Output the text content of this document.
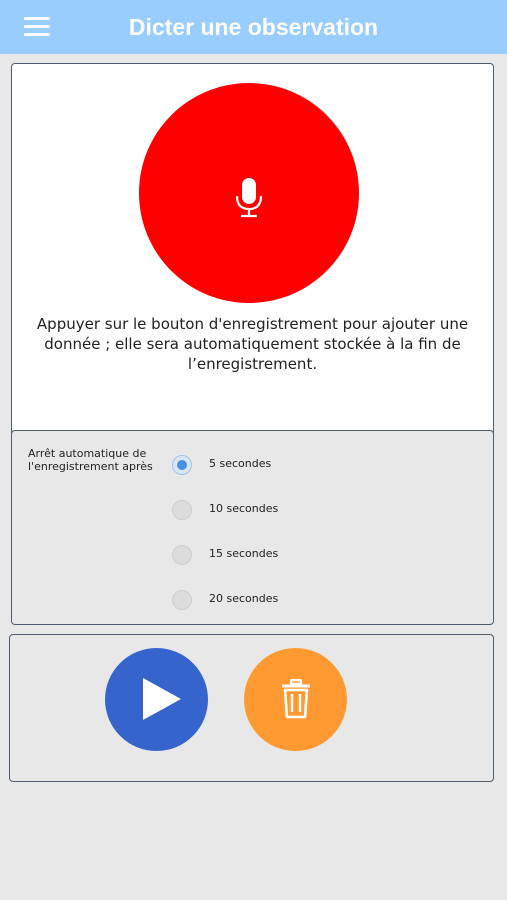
Dicter une observation
Appuyer sur le bouton d'enregistrement pour ajouter une donnée ; elle sera automatiquement stockée à la fin de l’enregistrement.
Arrêt automatique de l'enregistrement après	5 secondes
10 secondes
15 secondes
20 secondes
